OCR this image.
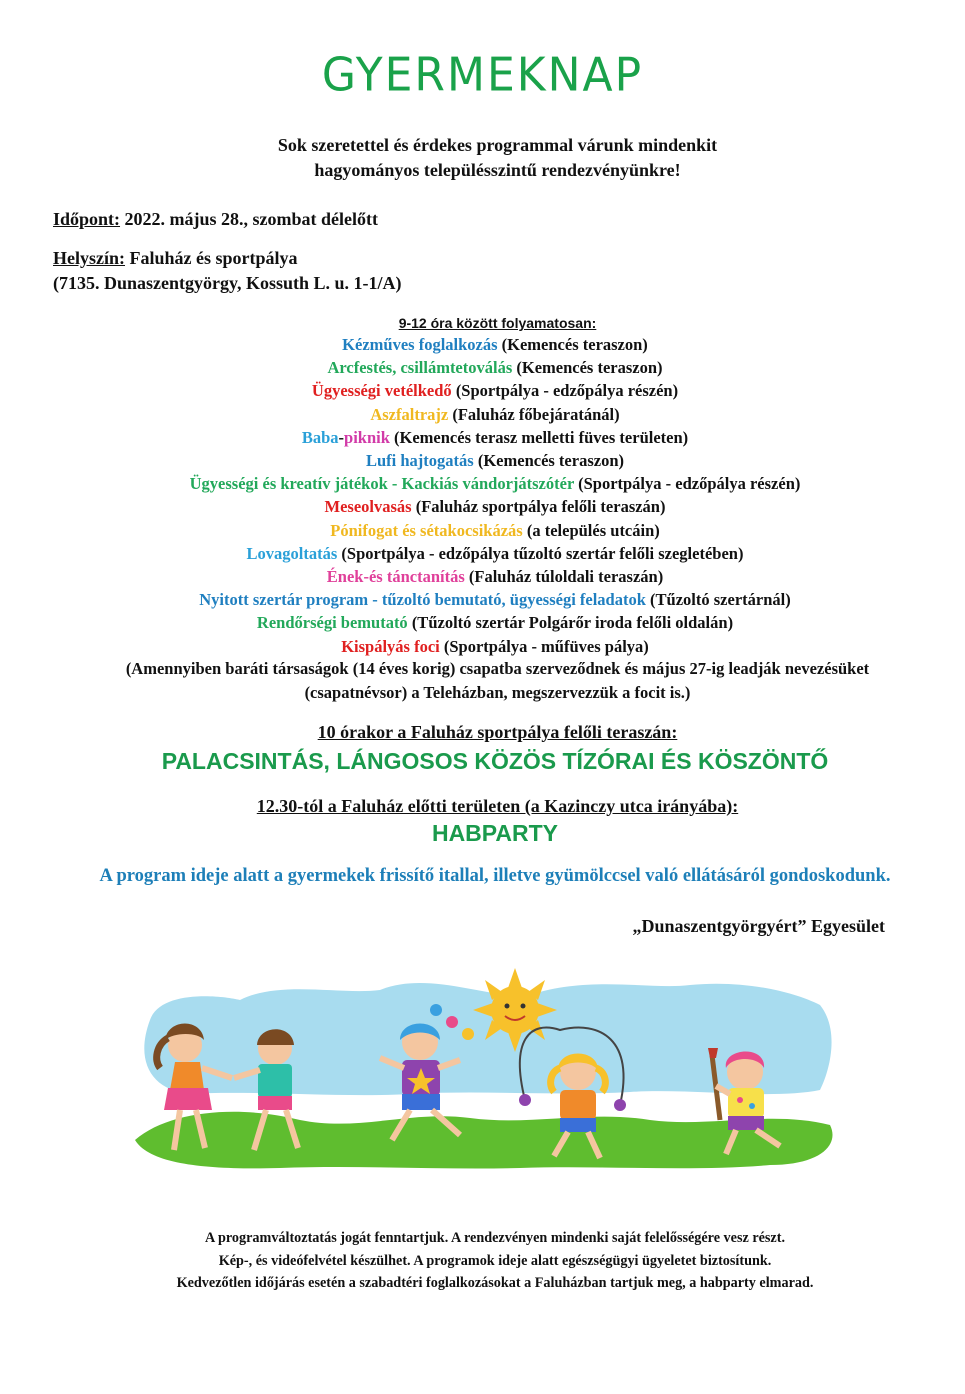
GYERMEKNAP
Sok szeretettel és érdekes programmal várunk mindenkit
hagyományos településszintű rendezvényünkre!
Időpont: 2022. május 28., szombat délelőtt
Helyszín: Faluház és sportpálya
(7135. Dunaszentgyörgy, Kossuth L. u. 1-1/A)
9-12 óra között folyamatosan:
Kézműves foglalkozás (Kemencés teraszon)
Arcfestés, csillámtetoválás (Kemencés teraszon)
Ügyességi vetélkedő (Sportpálya - edzőpálya részén)
Aszfaltrajz (Faluház főbejáratánál)
Baba-piknik (Kemencés terasz melletti füves területen)
Lufi hajtogatás (Kemencés teraszon)
Ügyességi és kreatív játékok - Kackiás vándorjátszótér (Sportpálya - edzőpálya részén)
Meseolvasás (Faluház sportpálya felőli teraszán)
Pónifogat és sétakocsikázás (a település utcáin)
Lovagoltatás (Sportpálya - edzőpálya tűzoltó szertár felőli szegletében)
Ének-és tánctanítás (Faluház túloldali teraszán)
Nyitott szertár program - tűzoltó bemutató, ügyességi feladatok (Tűzoltó szertárnál)
Rendőrségi bemutató (Tűzoltó szertár Polgárőr iroda felőli oldalán)
Kispályás foci (Sportpálya - műfüves pálya)
(Amennyiben baráti társaságok (14 éves korig) csapatba szerveződnek és május 27-ig leadják nevezésüket
(csapatnévsor) a Teleházban, megszervezzük a focit is.)
10 órakor a Faluház sportpálya felőli teraszán:
PALACSINTÁS, LÁNGOSOS KÖZÖS TÍZÓRAI ÉS KÖSZÖNTŐ
12.30-tól a Faluház előtti területen (a Kazinczy utca irányába):
HABPARTY
A program ideje alatt a gyermekek frissítő itallal, illetve gyümölccsel való ellátásáról gondoskodunk.
„Dunaszentgyörgyért” Egyesület
A programváltoztatás jogát fenntartjuk. A rendezvényen mindenki saját felelősségére vesz részt.
Kép-, és videófelvétel készülhet. A programok ideje alatt egészségügyi ügyeletet biztosítunk.
Kedvezőtlen időjárás esetén a szabadtéri foglalkozásokat a Faluházban tartjuk meg, a habparty elmarad.
